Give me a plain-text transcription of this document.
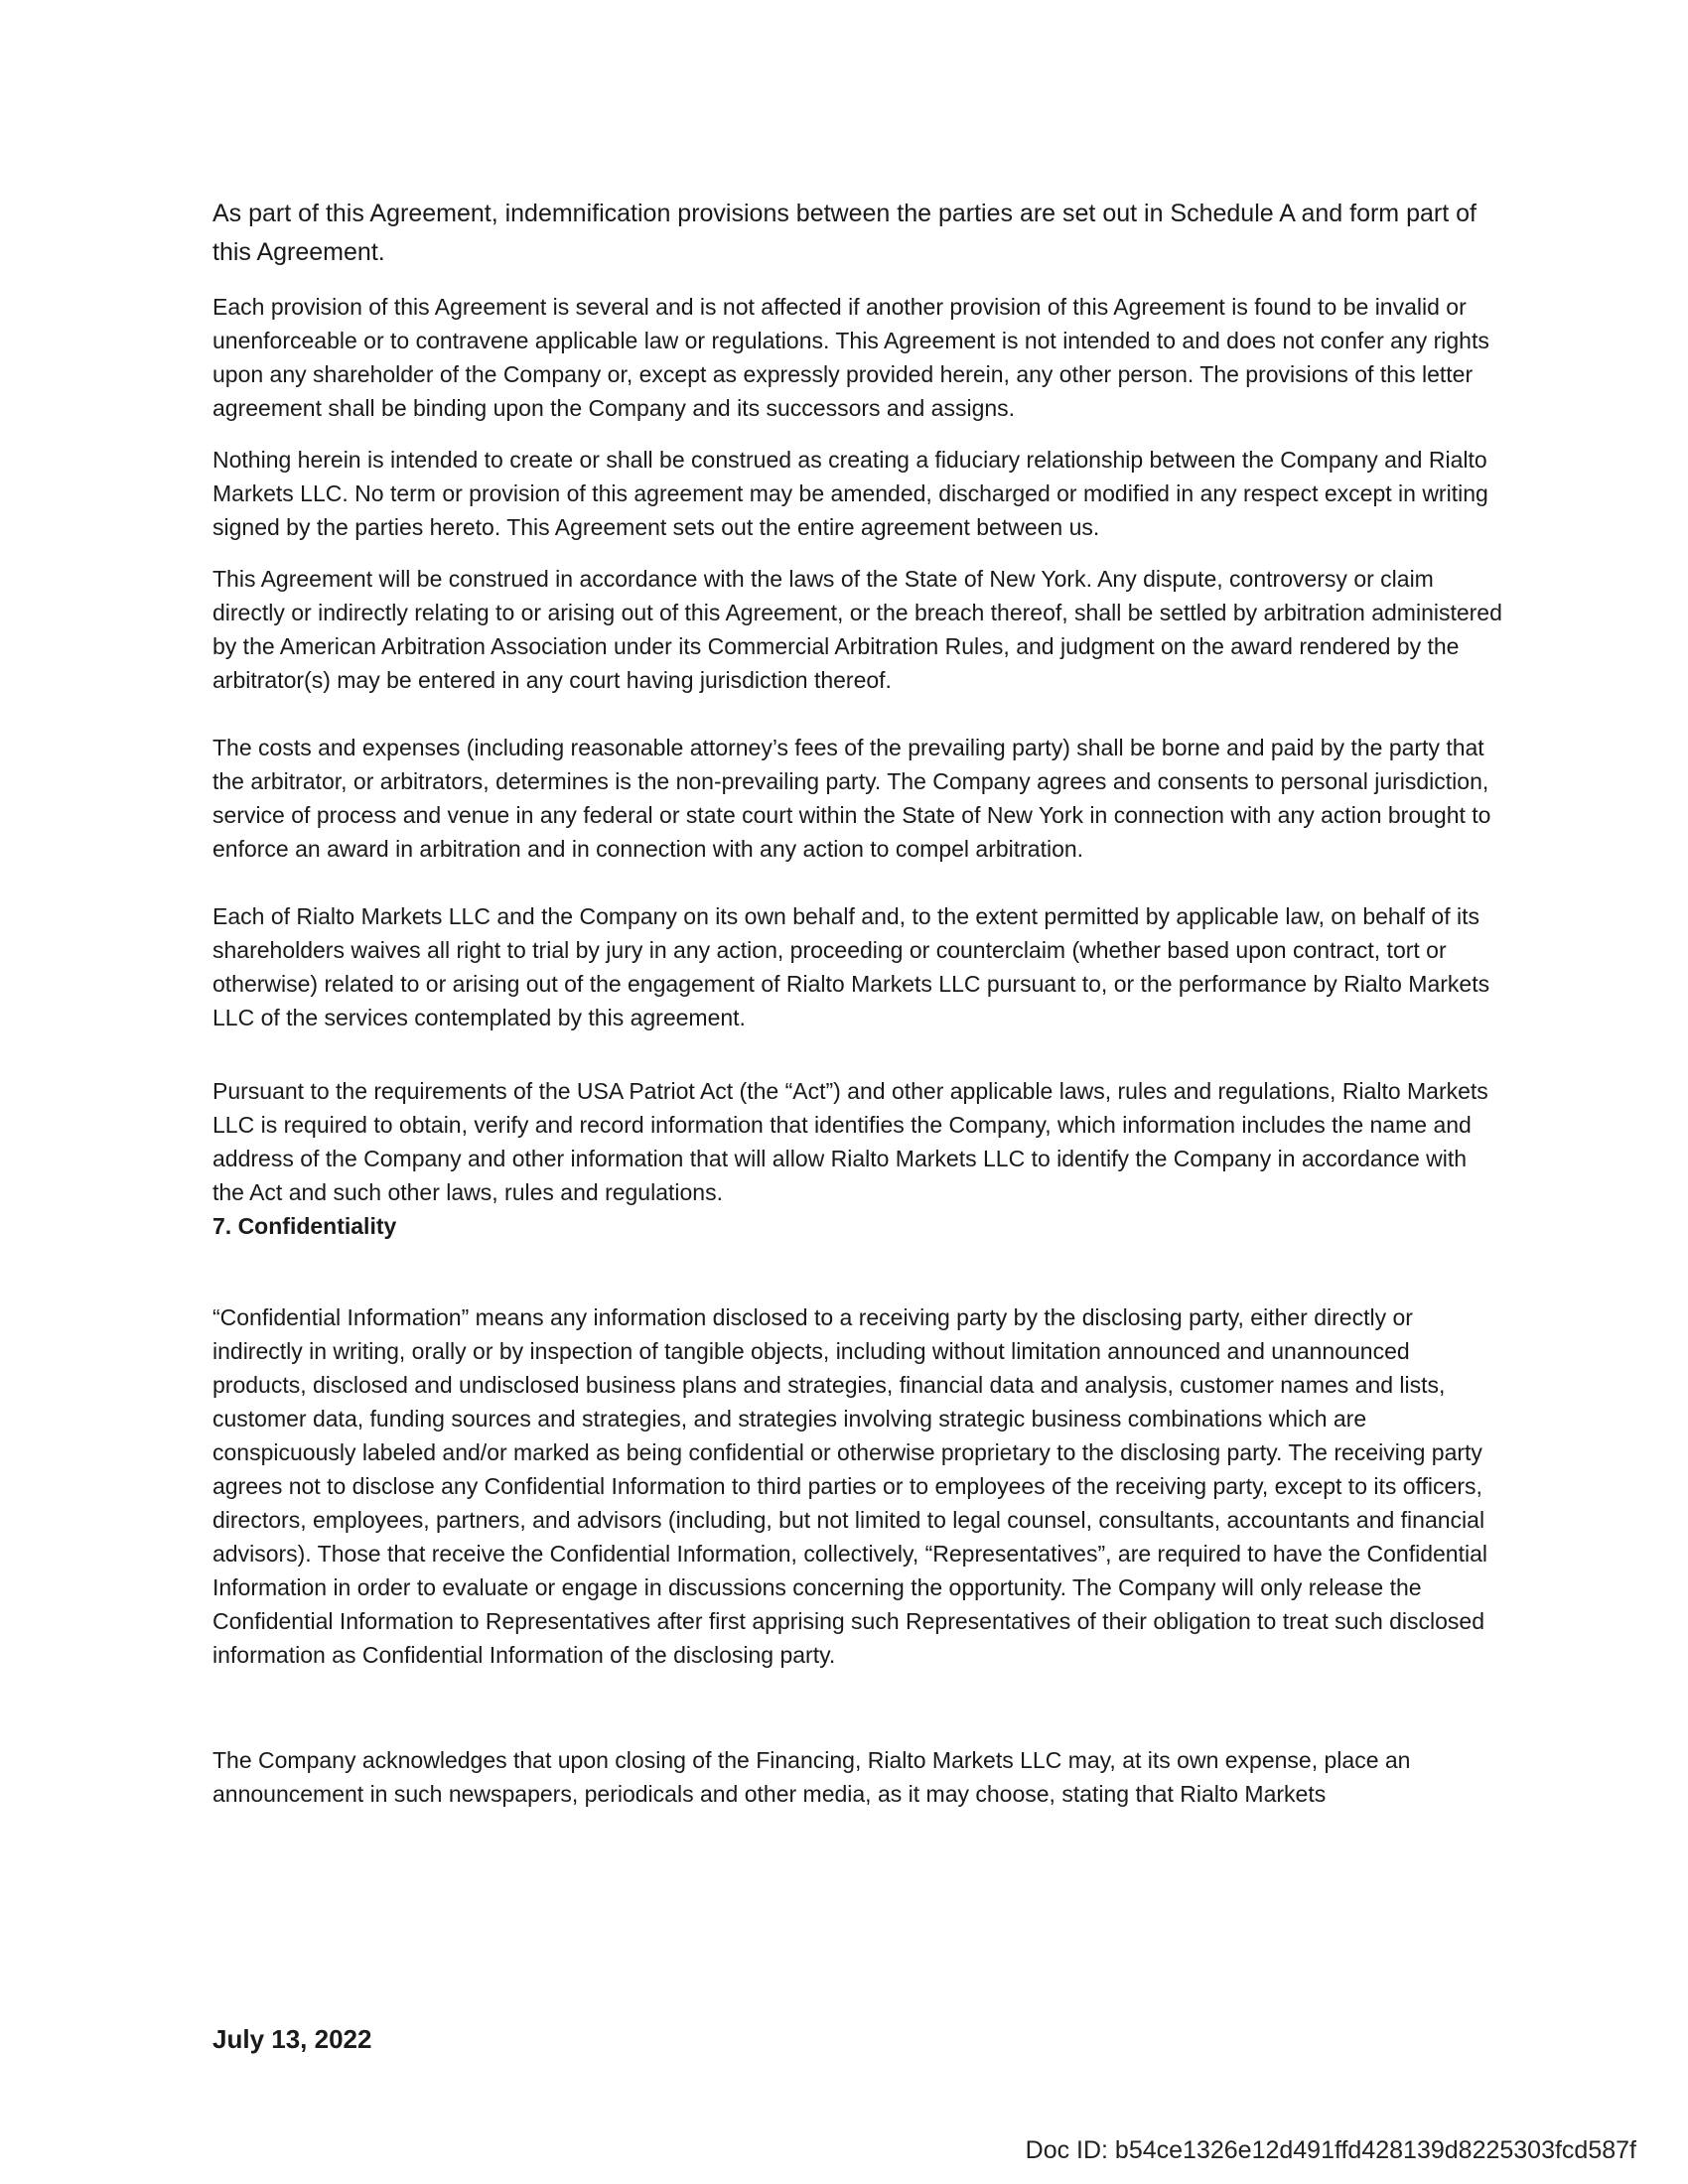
As part of this Agreement, indemnification provisions between the parties are set out in Schedule A and form part of this Agreement.

Each provision of this Agreement is several and is not affected if another provision of this Agreement is found to be invalid or unenforceable or to contravene applicable law or regulations. This Agreement is not intended to and does not confer any rights upon any shareholder of the Company or, except as expressly provided herein, any other person. The provisions of this letter agreement shall be binding upon the Company and its successors and assigns.

Nothing herein is intended to create or shall be construed as creating a fiduciary relationship between the Company and Rialto Markets LLC. No term or provision of this agreement may be amended, discharged or modified in any respect except in writing signed by the parties hereto. This Agreement sets out the entire agreement between us.

This Agreement will be construed in accordance with the laws of the State of New York. Any dispute, controversy or claim directly or indirectly relating to or arising out of this Agreement, or the breach thereof, shall be settled by arbitration administered by the American Arbitration Association under its Commercial Arbitration Rules, and judgment on the award rendered by the arbitrator(s) may be entered in any court having jurisdiction thereof.

The costs and expenses (including reasonable attorney’s fees of the prevailing party) shall be borne and paid by the party that the arbitrator, or arbitrators, determines is the non-prevailing party. The Company agrees and consents to personal jurisdiction, service of process and venue in any federal or state court within the State of New York in connection with any action brought to enforce an award in arbitration and in connection with any action to compel arbitration.

Each of Rialto Markets LLC and the Company on its own behalf and, to the extent permitted by applicable law, on behalf of its shareholders waives all right to trial by jury in any action, proceeding or counterclaim (whether based upon contract, tort or otherwise) related to or arising out of the engagement of Rialto Markets LLC pursuant to, or the performance by Rialto Markets LLC of the services contemplated by this agreement.

Pursuant to the requirements of the USA Patriot Act (the “Act”) and other applicable laws, rules and regulations, Rialto Markets LLC is required to obtain, verify and record information that identifies the Company, which information includes the name and address of the Company and other information that will allow Rialto Markets LLC to identify the Company in accordance with the Act and such other laws, rules and regulations.

7. Confidentiality

“Confidential Information” means any information disclosed to a receiving party by the disclosing party, either directly or indirectly in writing, orally or by inspection of tangible objects, including without limitation announced and unannounced products, disclosed and undisclosed business plans and strategies, financial data and analysis, customer names and lists, customer data, funding sources and strategies, and strategies involving strategic business combinations which are conspicuously labeled and/or marked as being confidential or otherwise proprietary to the disclosing party. The receiving party agrees not to disclose any Confidential Information to third parties or to employees of the receiving party, except to its officers, directors, employees, partners, and advisors (including, but not limited to legal counsel, consultants, accountants and financial advisors). Those that receive the Confidential Information, collectively, “Representatives”, are required to have the Confidential Information in order to evaluate or engage in discussions concerning the opportunity. The Company will only release the Confidential Information to Representatives after first apprising such Representatives of their obligation to treat such disclosed information as Confidential Information of the disclosing party.

The Company acknowledges that upon closing of the Financing, Rialto Markets LLC may, at its own expense, place an announcement in such newspapers, periodicals and other media, as it may choose, stating that Rialto Markets

July 13, 2022
Doc ID: b54ce1326e12d491ffd428139d8225303fcd587f
